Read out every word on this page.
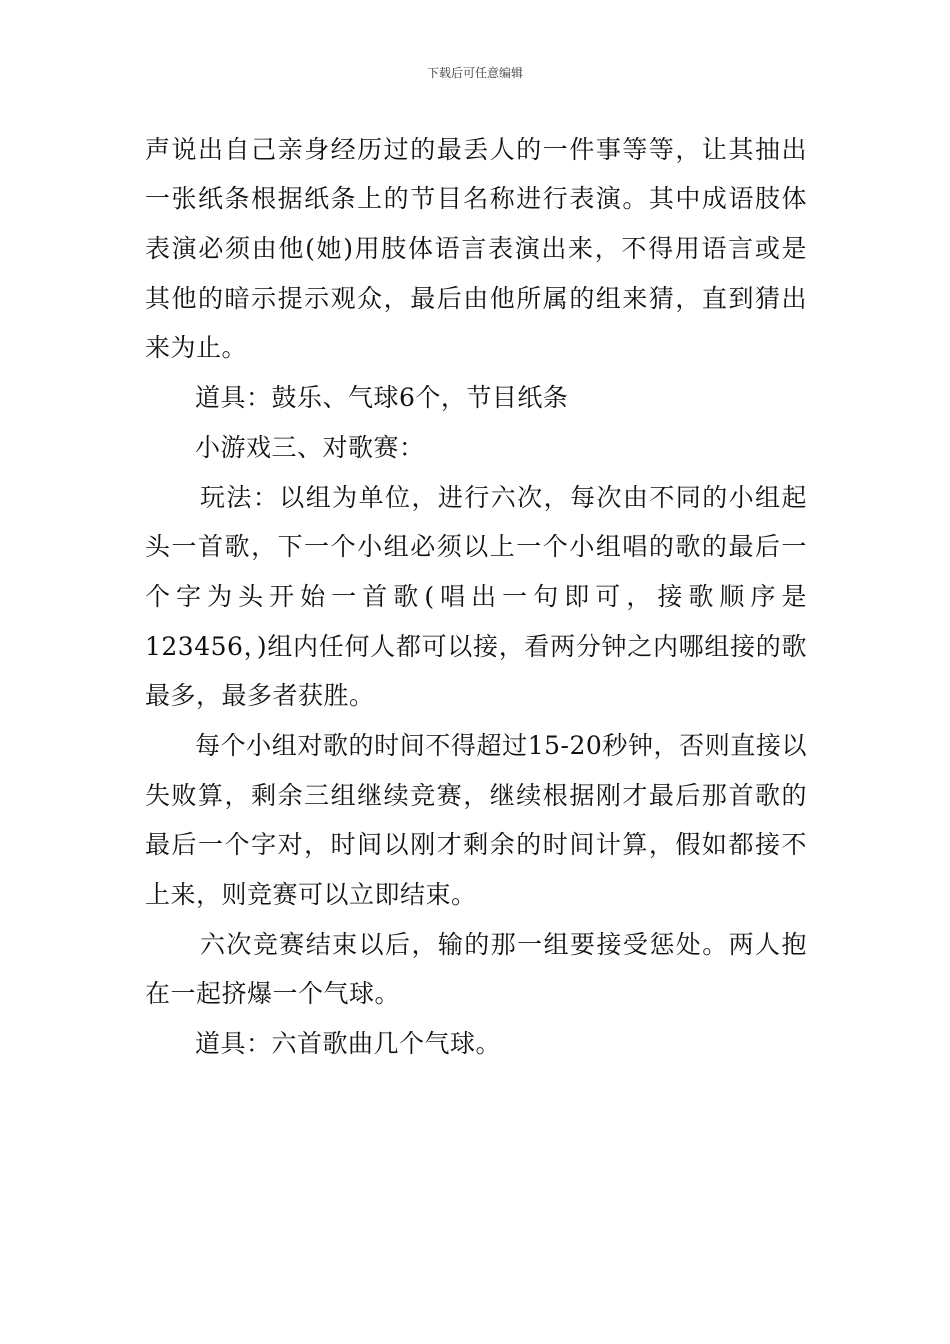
下载后可任意编辑
声说出自己亲身经历过的最丢人的一件事等等，让其抽出
一张纸条根据纸条上的节目名称进行表演。其中成语肢体
表演必须由他(她)用肢体语言表演出来，不得用语言或是
其他的暗示提示观众，最后由他所属的组来猜，直到猜出
来为止。
道具：鼓乐、气球6个，节目纸条
小游戏三、对歌赛：
玩法：以组为单位，进行六次，每次由不同的小组起
头一首歌，下一个小组必须以上一个小组唱的歌的最后一
个字为头开始一首歌(唱出一句即可，接歌顺序是
123456，)组内任何人都可以接，看两分钟之内哪组接的歌
最多，最多者获胜。
每个小组对歌的时间不得超过15-20秒钟，否则直接以
失败算，剩余三组继续竞赛，继续根据刚才最后那首歌的
最后一个字对，时间以刚才剩余的时间计算，假如都接不
上来，则竞赛可以立即结束。
六次竞赛结束以后，输的那一组要接受惩处。两人抱
在一起挤爆一个气球。
道具：六首歌曲几个气球。
